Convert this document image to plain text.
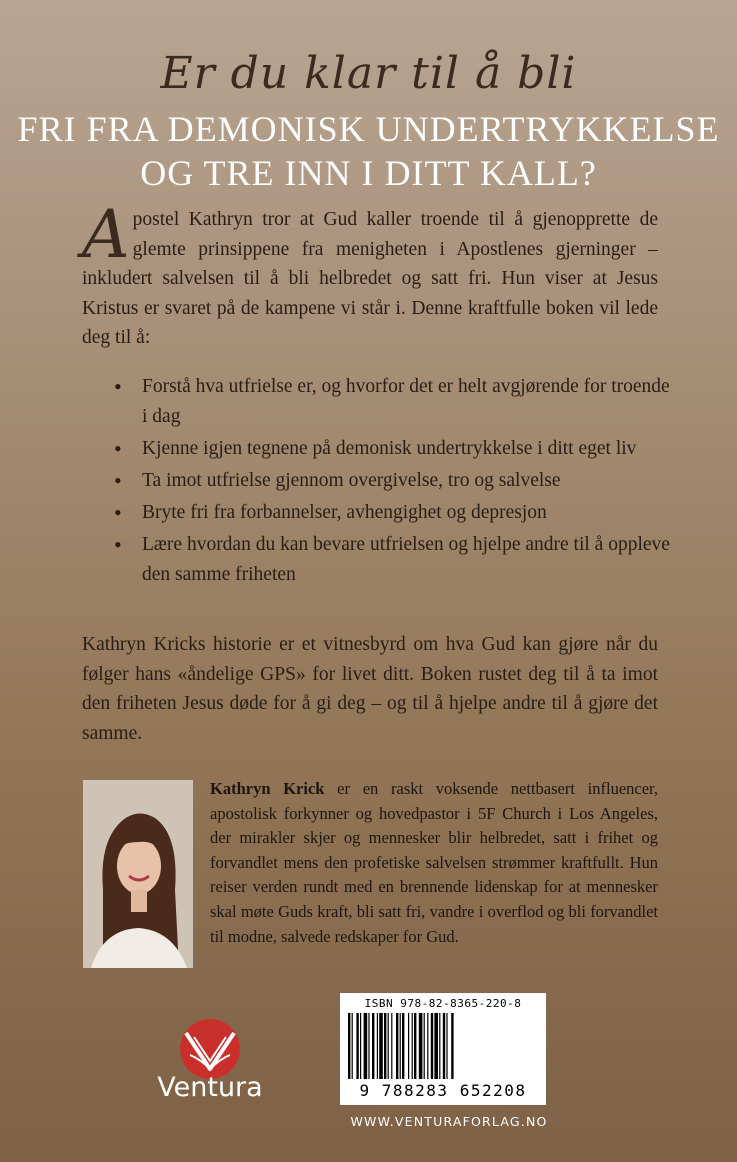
Er du klar til å bli
FRI FRA DEMONISK UNDERTRYKKELSE
OG TRE INN I DITT KALL?
A postel Kathryn tror at Gud kaller troende til å gjenopprette de glemte prinsippene fra menigheten i Apostlenes gjerninger – inkludert salvelsen til å bli helbredet og satt fri. Hun viser at Jesus Kristus er svaret på de kampene vi står i. Denne kraftfulle boken vil lede deg til å:
• Forstå hva utfrielse er, og hvorfor det er helt avgjørende for troende i dag
• Kjenne igjen tegnene på demonisk undertrykkelse i ditt eget liv
• Ta imot utfrielse gjennom overgivelse, tro og salvelse
• Bryte fri fra forbannelser, avhengighet og depresjon
• Lære hvordan du kan bevare utfrielsen og hjelpe andre til å oppleve den samme friheten
Kathryn Kricks historie er et vitnesbyrd om hva Gud kan gjøre når du følger hans «åndelige GPS» for livet ditt. Boken rustet deg til å ta imot den friheten Jesus døde for å gi deg – og til å hjelpe andre til å gjøre det samme.
Kathryn Krick er en raskt voksende nettbasert influencer, apostolisk forkynner og hovedpastor i 5F Church i Los Angeles, der mirakler skjer og mennesker blir helbredet, satt i frihet og forvandlet mens den profetiske salvelsen strømmer kraftfullt. Hun reiser verden rundt med en brennende lidenskap for at mennesker skal møte Guds kraft, bli satt fri, vandre i overflod og bli forvandlet til modne, salvede redskaper for Gud.
Ventura
ISBN 978-82-8365-220-8
9 788283 652208
WWW.VENTURAFORLAG.NO
